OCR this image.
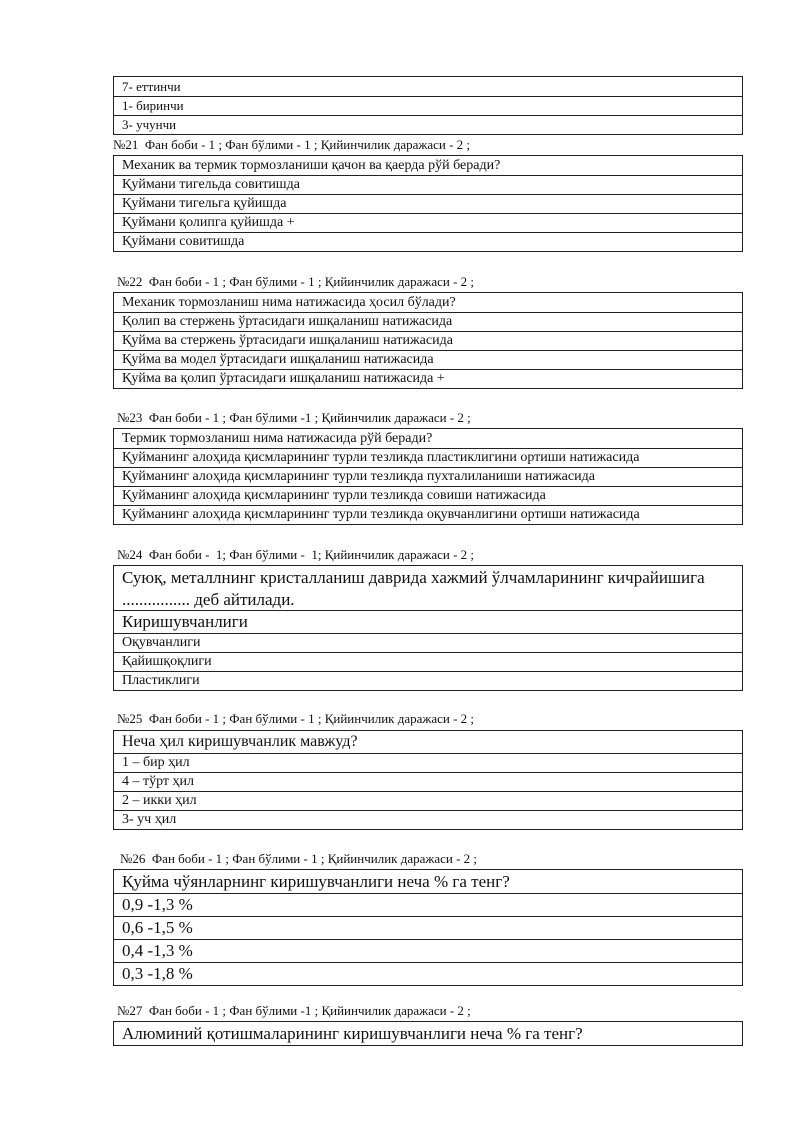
7- еттинчи
1- биринчи
3- учунчи
№21  Фан боби - 1 ; Фан бўлими - 1 ; Қийинчилик даражаси - 2 ;
Механик ва термик тормозланиши қачон ва қаерда рўй беради?
Қуймани тигельда совитишда
Қуймани тигельга қуйишда
Қуймани қолипга қуйишда +
Қуймани совитишда
№22  Фан боби - 1 ; Фан бўлими - 1 ; Қийинчилик даражаси - 2 ;
Механик тормозланиш нима натижасида ҳосил бўлади?
Қолип ва стержень ўртасидаги ишқаланиш натижасида
Қуйма ва стержень ўртасидаги ишқаланиш натижасида
Қуйма ва модел ўртасидаги ишқаланиш натижасида
Қуйма ва қолип ўртасидаги ишқаланиш натижасида +
№23  Фан боби - 1 ; Фан бўлими -1 ; Қийинчилик даражаси - 2 ;
Термик тормозланиш нима натижасида рўй беради?
Қуйманинг алоҳида қисмларининг турли тезликда пластиклигини ортиши натижасида
Қуйманинг алоҳида қисмларининг турли тезликда пухталиланиши натижасида
Қуйманинг алоҳида қисмларининг турли тезликда совиши натижасида
Қуйманинг алоҳида қисмларининг турли тезликда оқувчанлигини ортиши натижасида
№24  Фан боби -  1; Фан бўлими -  1; Қийинчилик даражаси - 2 ;
Суюқ, металлнинг кристалланиш даврида хажмий ўлчамларининг кичрайишига ................ деб айтилади.
Киришувчанлиги
Оқувчанлиги
Қайишқоқлиги
Пластиклиги
№25  Фан боби - 1 ; Фан бўлими - 1 ; Қийинчилик даражаси - 2 ;
Неча ҳил киришувчанлик мавжуд?
1 – бир ҳил
4 – тўрт ҳил
2 – икки ҳил
3- уч ҳил
№26  Фан боби - 1 ; Фан бўлими - 1 ; Қийинчилик даражаси - 2 ;
Қуйма чўянларнинг киришувчанлиги неча % га тенг?
0,9 -1,3 %
0,6 -1,5 %
0,4 -1,3 %
0,3 -1,8 %
№27  Фан боби - 1 ; Фан бўлими -1 ; Қийинчилик даражаси - 2 ;
Алюминий қотишмаларининг киришувчанлиги неча % га тенг?
